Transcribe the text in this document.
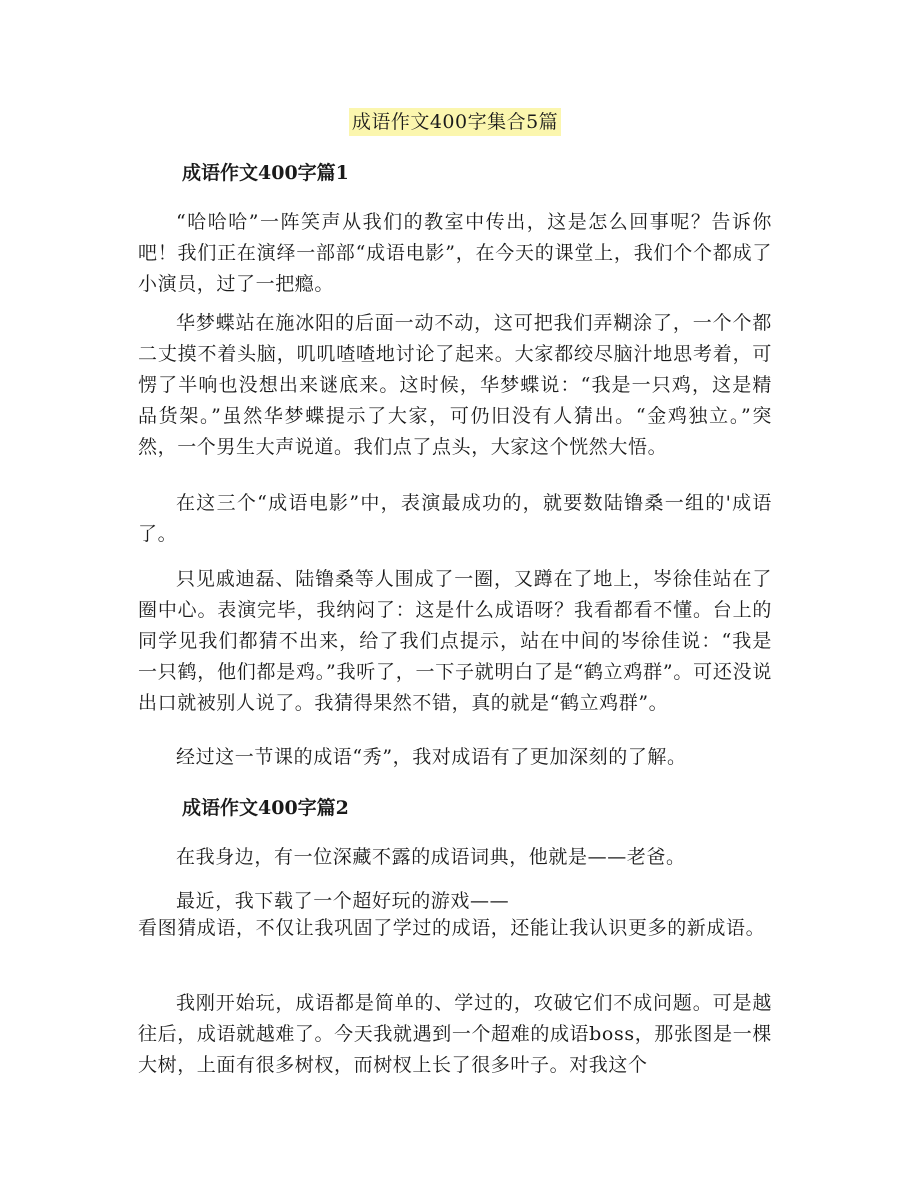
成语作文400字集合5篇
成语作文400字篇1

“哈哈哈”一阵笑声从我们的教室中传出，这是怎么回事呢？告诉你吧！我们正在演绎一部部“成语电影”，在今天的课堂上，我们个个都成了小演员，过了一把瘾。

华梦蝶站在施冰阳的后面一动不动，这可把我们弄糊涂了，一个个都二丈摸不着头脑，叽叽喳喳地讨论了起来。大家都绞尽脑汁地思考着，可愣了半响也没想出来谜底来。这时候，华梦蝶说：“我是一只鸡，这是精品货架。”虽然华梦蝶提示了大家，可仍旧没有人猜出。“金鸡独立。”突然，一个男生大声说道。我们点了点头，大家这个恍然大悟。

在这三个“成语电影”中，表演最成功的，就要数陆镥桑一组的'成语了。

只见戚迪磊、陆镥桑等人围成了一圈，又蹲在了地上，岑徐佳站在了圈中心。表演完毕，我纳闷了：这是什么成语呀？我看都看不懂。台上的同学见我们都猜不出来，给了我们点提示，站在中间的岑徐佳说：“我是一只鹤，他们都是鸡。”我听了，一下子就明白了是“鹤立鸡群”。可还没说出口就被别人说了。我猜得果然不错，真的就是“鹤立鸡群”。

经过这一节课的成语“秀”，我对成语有了更加深刻的了解。

成语作文400字篇2

在我身边，有一位深藏不露的成语词典，他就是——老爸。

最近，我下载了一个超好玩的游戏——

看图猜成语，不仅让我巩固了学过的成语，还能让我认识更多的新成语。

我刚开始玩，成语都是简单的、学过的，攻破它们不成问题。可是越往后，成语就越难了。今天我就遇到一个超难的成语boss，那张图是一棵大树，上面有很多树杈，而树杈上长了很多叶子。对我这个
